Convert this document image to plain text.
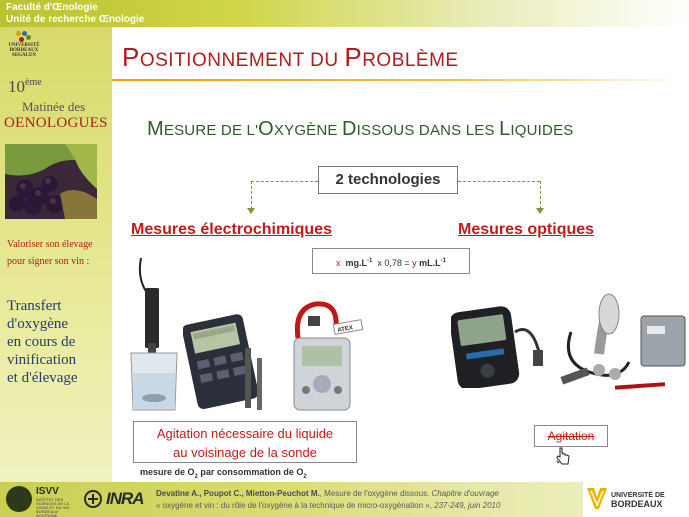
Faculté d'Œnologie
Unité de recherche Œnologie
UNIVERSITÉ BORDEAUX SEGALEN
10ème
Matinée des
OENOLOGUES
Valoriser son élevage
pour signer son vin :
Transfert
d'oxygène
en cours de
vinification
et d'élevage
POSITIONNEMENT DU PROBLÈME
MESURE DE L'OXYGÈNE DISSOUS DANS LES LIQUIDES
2 technologies
Mesures électrochimiques	Mesures optiques
x $mg.L^{-1}$ x 0,78 = y $mL.L^{-1}$
ATEX
Agitation nécessaire du liquide
au voisinage de la sonde
mesure de $O_2$ par consommation de $O_2$
Agitation
ISVV
INSTITUT DES SCIENCES DE LA VIGNE ET DU VIN BORDEAUX AQUITAINE
INRA Devatine A., Poupot C., Mietton-Peuchot M., Mesure de l'oxygène dissous. Chapitre d'ouvrage
« oxygène et vin : du rôle de l'oxygène à la technique de micro-oxygénation », 237-249, juin 2010
UNIVERSITÉ DE
BORDEAUX
